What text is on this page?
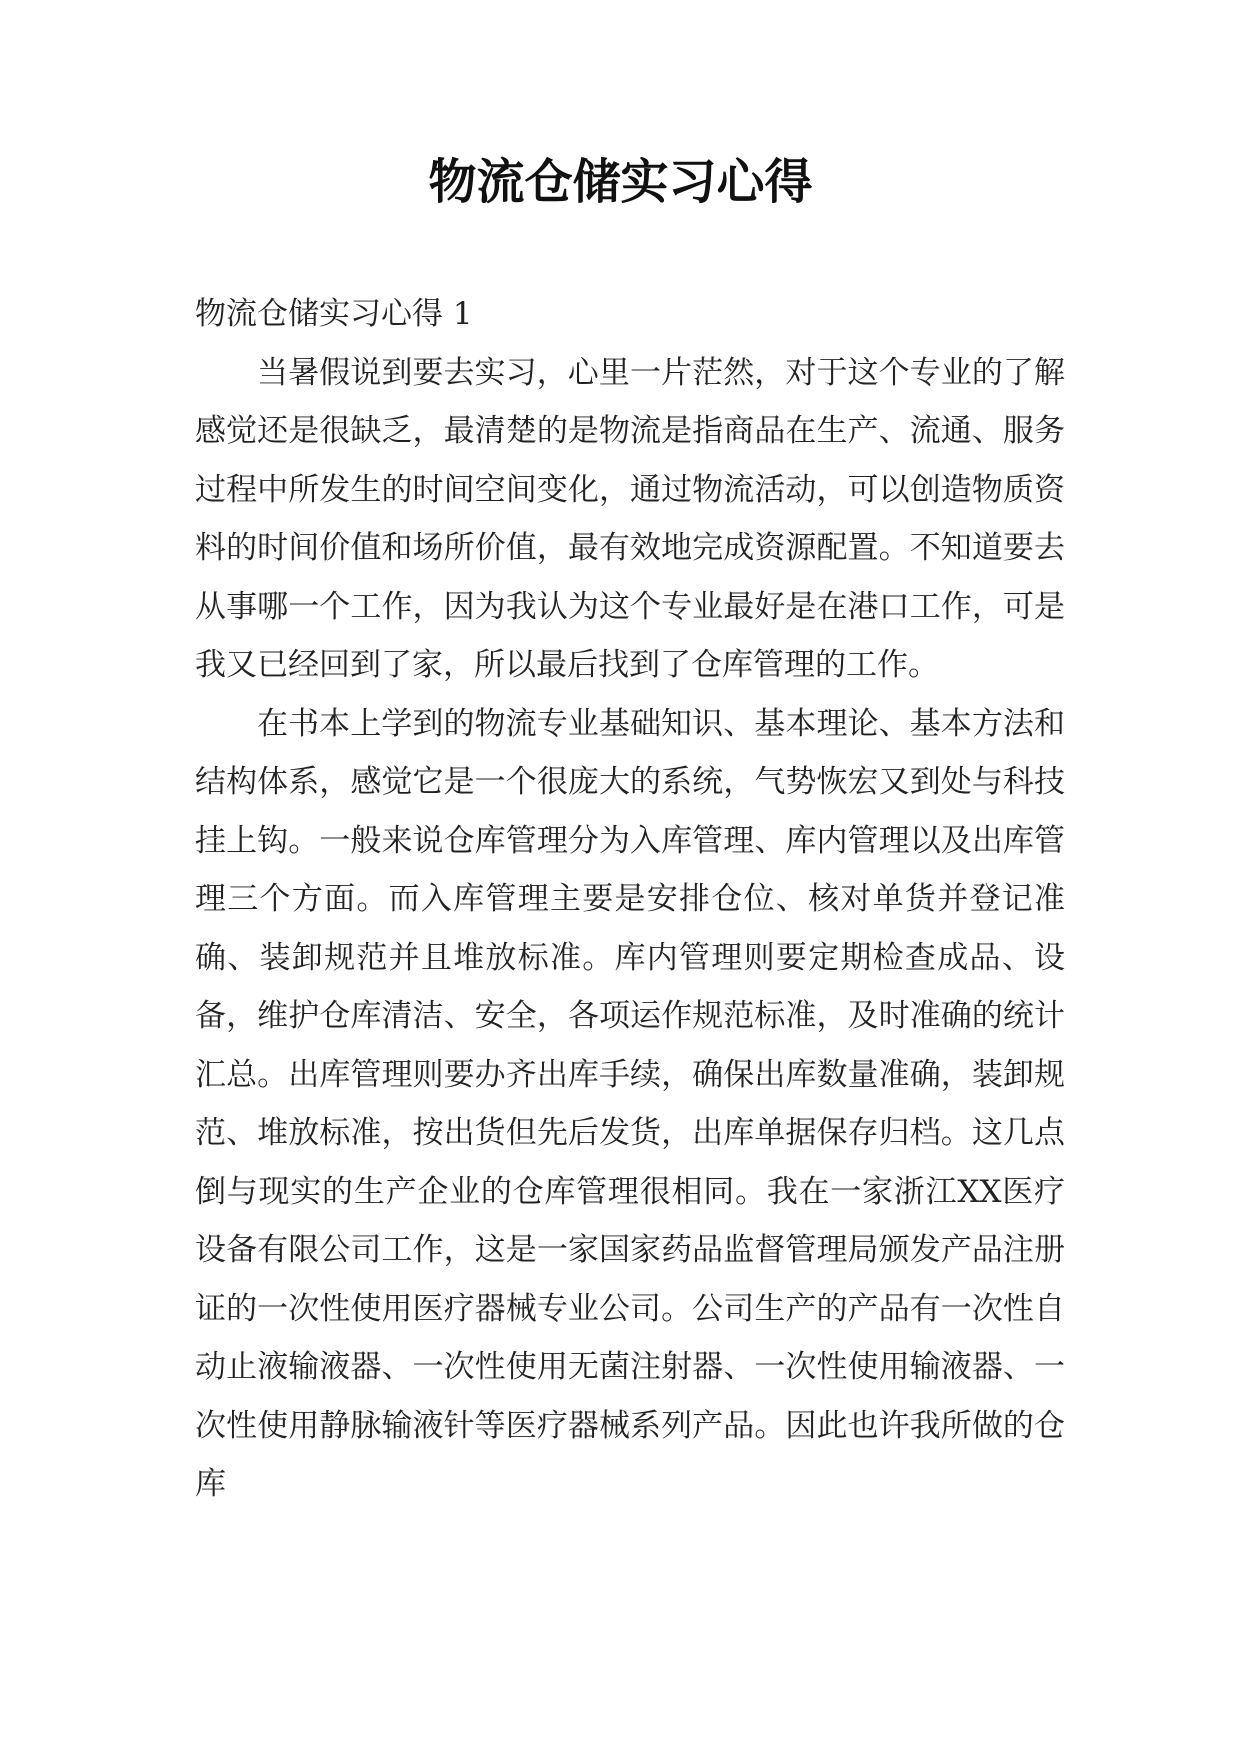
物流仓储实习心得
物流仓储实习心得 1

当暑假说到要去实习，心里一片茫然，对于这个专业的了解感觉还是很缺乏，最清楚的是物流是指商品在生产、流通、服务过程中所发生的时间空间变化，通过物流活动，可以创造物质资料的时间价值和场所价值，最有效地完成资源配置。不知道要去从事哪一个工作，因为我认为这个专业最好是在港口工作，可是我又已经回到了家，所以最后找到了仓库管理的工作。

在书本上学到的物流专业基础知识、基本理论、基本方法和结构体系，感觉它是一个很庞大的系统，气势恢宏又到处与科技挂上钩。一般来说仓库管理分为入库管理、库内管理以及出库管理三个方面。而入库管理主要是安排仓位、核对单货并登记准确、装卸规范并且堆放标准。库内管理则要定期检查成品、设备，维护仓库清洁、安全，各项运作规范标准，及时准确的统计汇总。出库管理则要办齐出库手续，确保出库数量准确，装卸规范、堆放标准，按出货但先后发货，出库单据保存归档。这几点倒与现实的生产企业的仓库管理很相同。我在一家浙江XX医疗设备有限公司工作，这是一家国家药品监督管理局颁发产品注册证的一次性使用医疗器械专业公司。公司生产的产品有一次性自动止液输液器、一次性使用无菌注射器、一次性使用输液器、一次性使用静脉输液针等医疗器械系列产品。因此也许我所做的仓库
